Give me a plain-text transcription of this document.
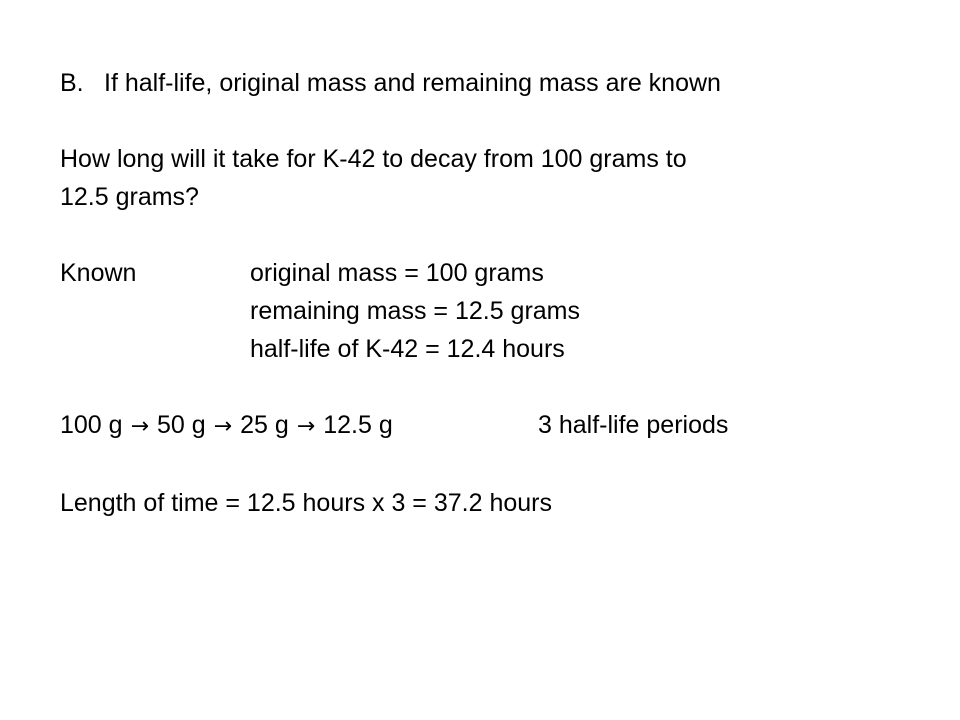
B. If half-life, original mass and remaining mass are known
How long will it take for K-42 to decay from 100 grams to
12.5 grams?
Known	original mass = 100 grams
remaining mass = 12.5 grams
half-life of K-42 = 12.4 hours
100 g → 50 g → 25 g → 12.5 g	3 half-life periods
Length of time = 12.5 hours x 3 = 37.2 hours
